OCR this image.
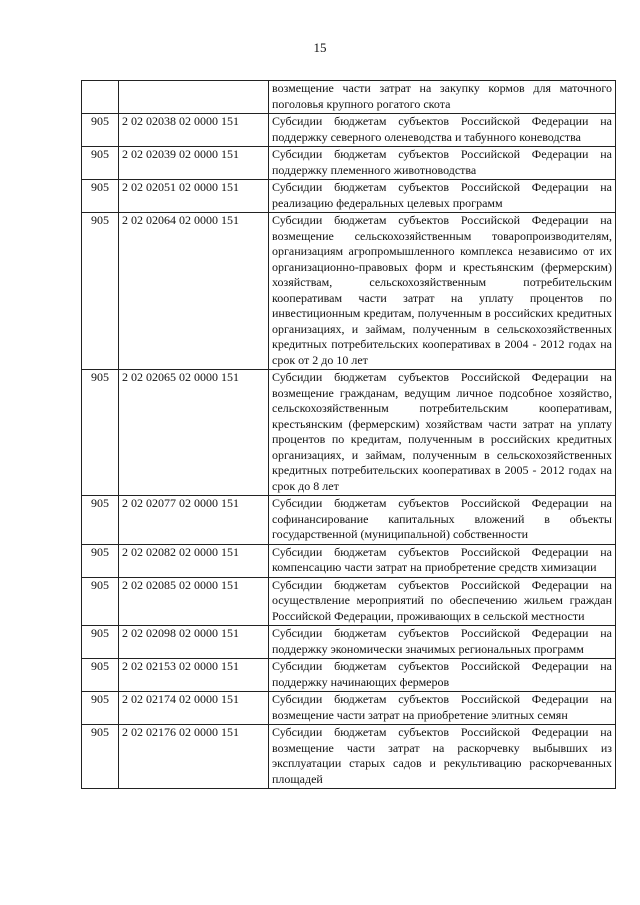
15
		возмещение части затрат на закупку кормов для маточного поголовья крупного рогатого скота
905	2 02 02038 02 0000 151	Субсидии бюджетам субъектов Российской Федерации на поддержку северного оленеводства и табунного коневодства
905	2 02 02039 02 0000 151	Субсидии бюджетам субъектов Российской Федерации на поддержку племенного животноводства
905	2 02 02051 02 0000 151	Субсидии бюджетам субъектов Российской Федерации на реализацию федеральных целевых программ
905	2 02 02064 02 0000 151	Субсидии бюджетам субъектов Российской Федерации на возмещение сельскохозяйственным товаропроизводителям, организациям агропромышленного комплекса независимо от их организационно-правовых форм и крестьянским (фермерским) хозяйствам, сельскохозяйственным потребительским кооперативам части затрат на уплату процентов по инвестиционным кредитам, полученным в российских кредитных организациях, и займам, полученным в сельскохозяйственных кредитных потребительских кооперативах в 2004 - 2012 годах на срок от 2 до 10 лет
905	2 02 02065 02 0000 151	Субсидии бюджетам субъектов Российской Федерации на возмещение гражданам, ведущим личное подсобное хозяйство, сельскохозяйственным потребительским кооперативам, крестьянским (фермерским) хозяйствам части затрат на уплату процентов по кредитам, полученным в российских кредитных организациях, и займам, полученным в сельскохозяйственных кредитных потребительских кооперативах в 2005 - 2012 годах на срок до 8 лет
905	2 02 02077 02 0000 151	Субсидии бюджетам субъектов Российской Федерации на софинансирование капитальных вложений в объекты государственной (муниципальной) собственности
905	2 02 02082 02 0000 151	Субсидии бюджетам субъектов Российской Федерации на компенсацию части затрат на приобретение средств химизации
905	2 02 02085 02 0000 151	Субсидии бюджетам субъектов Российской Федерации на осуществление мероприятий по обеспечению жильем граждан Российской Федерации, проживающих в сельской местности
905	2 02 02098 02 0000 151	Субсидии бюджетам субъектов Российской Федерации на поддержку экономически значимых региональных программ
905	2 02 02153 02 0000 151	Субсидии бюджетам субъектов Российской Федерации на поддержку начинающих фермеров
905	2 02 02174 02 0000 151	Субсидии бюджетам субъектов Российской Федерации на возмещение части затрат на приобретение элитных семян
905	2 02 02176 02 0000 151	Субсидии бюджетам субъектов Российской Федерации на возмещение части затрат на раскорчевку выбывших из эксплуатации старых садов и рекультивацию раскорчеванных площадей
